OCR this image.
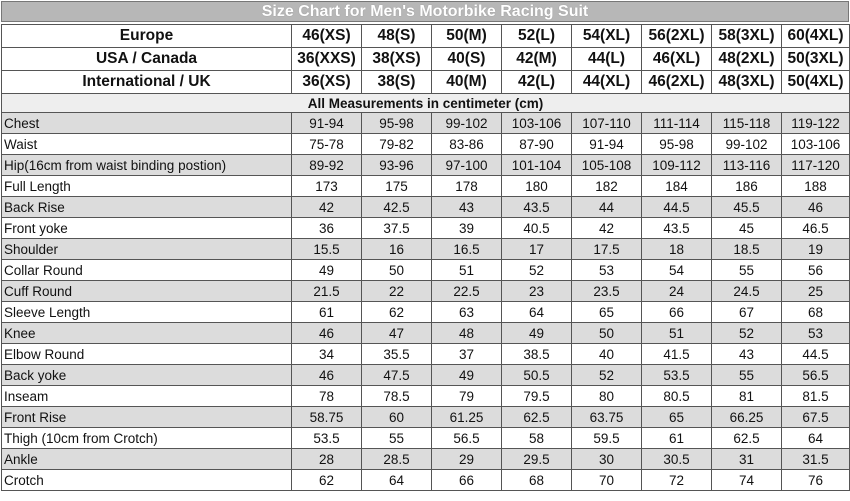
Size Chart for Men's Motorbike Racing Suit
Europe	46(XS)	48(S)	50(M)	52(L)	54(XL)	56(2XL)	58(3XL)	60(4XL)
USA / Canada	36(XXS)	38(XS)	40(S)	42(M)	44(L)	46(XL)	48(2XL)	50(3XL)
International / UK	36(XS)	38(S)	40(M)	42(L)	44(XL)	46(2XL)	48(3XL)	50(4XL)
All Measurements in centimeter (cm)								
Chest	91-94	95-98	99-102	103-106	107-110	111-114	115-118	119-122
Waist	75-78	79-82	83-86	87-90	91-94	95-98	99-102	103-106
Hip(16cm from waist binding postion)	89-92	93-96	97-100	101-104	105-108	109-112	113-116	117-120
Full Length	173	175	178	180	182	184	186	188
Back Rise	42	42.5	43	43.5	44	44.5	45.5	46
Front yoke	36	37.5	39	40.5	42	43.5	45	46.5
Shoulder	15.5	16	16.5	17	17.5	18	18.5	19
Collar Round	49	50	51	52	53	54	55	56
Cuff Round	21.5	22	22.5	23	23.5	24	24.5	25
Sleeve Length	61	62	63	64	65	66	67	68
Knee	46	47	48	49	50	51	52	53
Elbow Round	34	35.5	37	38.5	40	41.5	43	44.5
Back yoke	46	47.5	49	50.5	52	53.5	55	56.5
Inseam	78	78.5	79	79.5	80	80.5	81	81.5
Front Rise	58.75	60	61.25	62.5	63.75	65	66.25	67.5
Thigh (10cm from Crotch)	53.5	55	56.5	58	59.5	61	62.5	64
Ankle	28	28.5	29	29.5	30	30.5	31	31.5
Crotch	62	64	66	68	70	72	74	76
